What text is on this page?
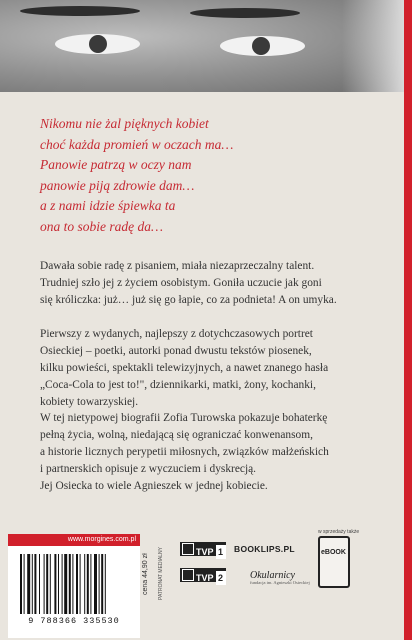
Nikomu nie żal pięknych kobiet
choć każda promień w oczach ma…
Panowie patrzą w oczy nam
panowie piją zdrowie dam…
a z nami idzie śpiewka ta
ona to sobie radę da…
Dawała sobie radę z pisaniem, miała niezaprzeczalny talent.
Trudniej szło jej z życiem osobistym. Goniła uczucie jak goni
się króliczka: już… już się go łapie, co za podnieta! A on umyka.
Pierwszy z wydanych, najlepszy z dotychczasowych portret
Osieckiej – poetki, autorki ponad dwustu tekstów piosenek,
kilku powieści, spektakli telewizyjnych, a nawet znanego hasła
„Coca-Cola to jest to!", dziennikarki, matki, żony, kochanki,
kobiety towarzyskiej.
W tej nietypowej biografii Zofia Turowska pokazuje bohaterkę
pełną życia, wolną, niedającą się ograniczać konwenansom,
a historie licznych perypetii miłosnych, związków małżeńskich
i partnerskich opisuje z wyczuciem i dyskrecją.
Jej Osiecka to wiele Agnieszek w jednej kobiecie.
www.morgines.com.pl
9 788366 335530
cena 44,90 zł	PATRONAT MEDIALNY	TVP 1
TVP 2
BOOKLIPS.PL
Okularnicy
fundacja im. Agnieszki Osieckiej
w sprzedaży także
eBOOK
